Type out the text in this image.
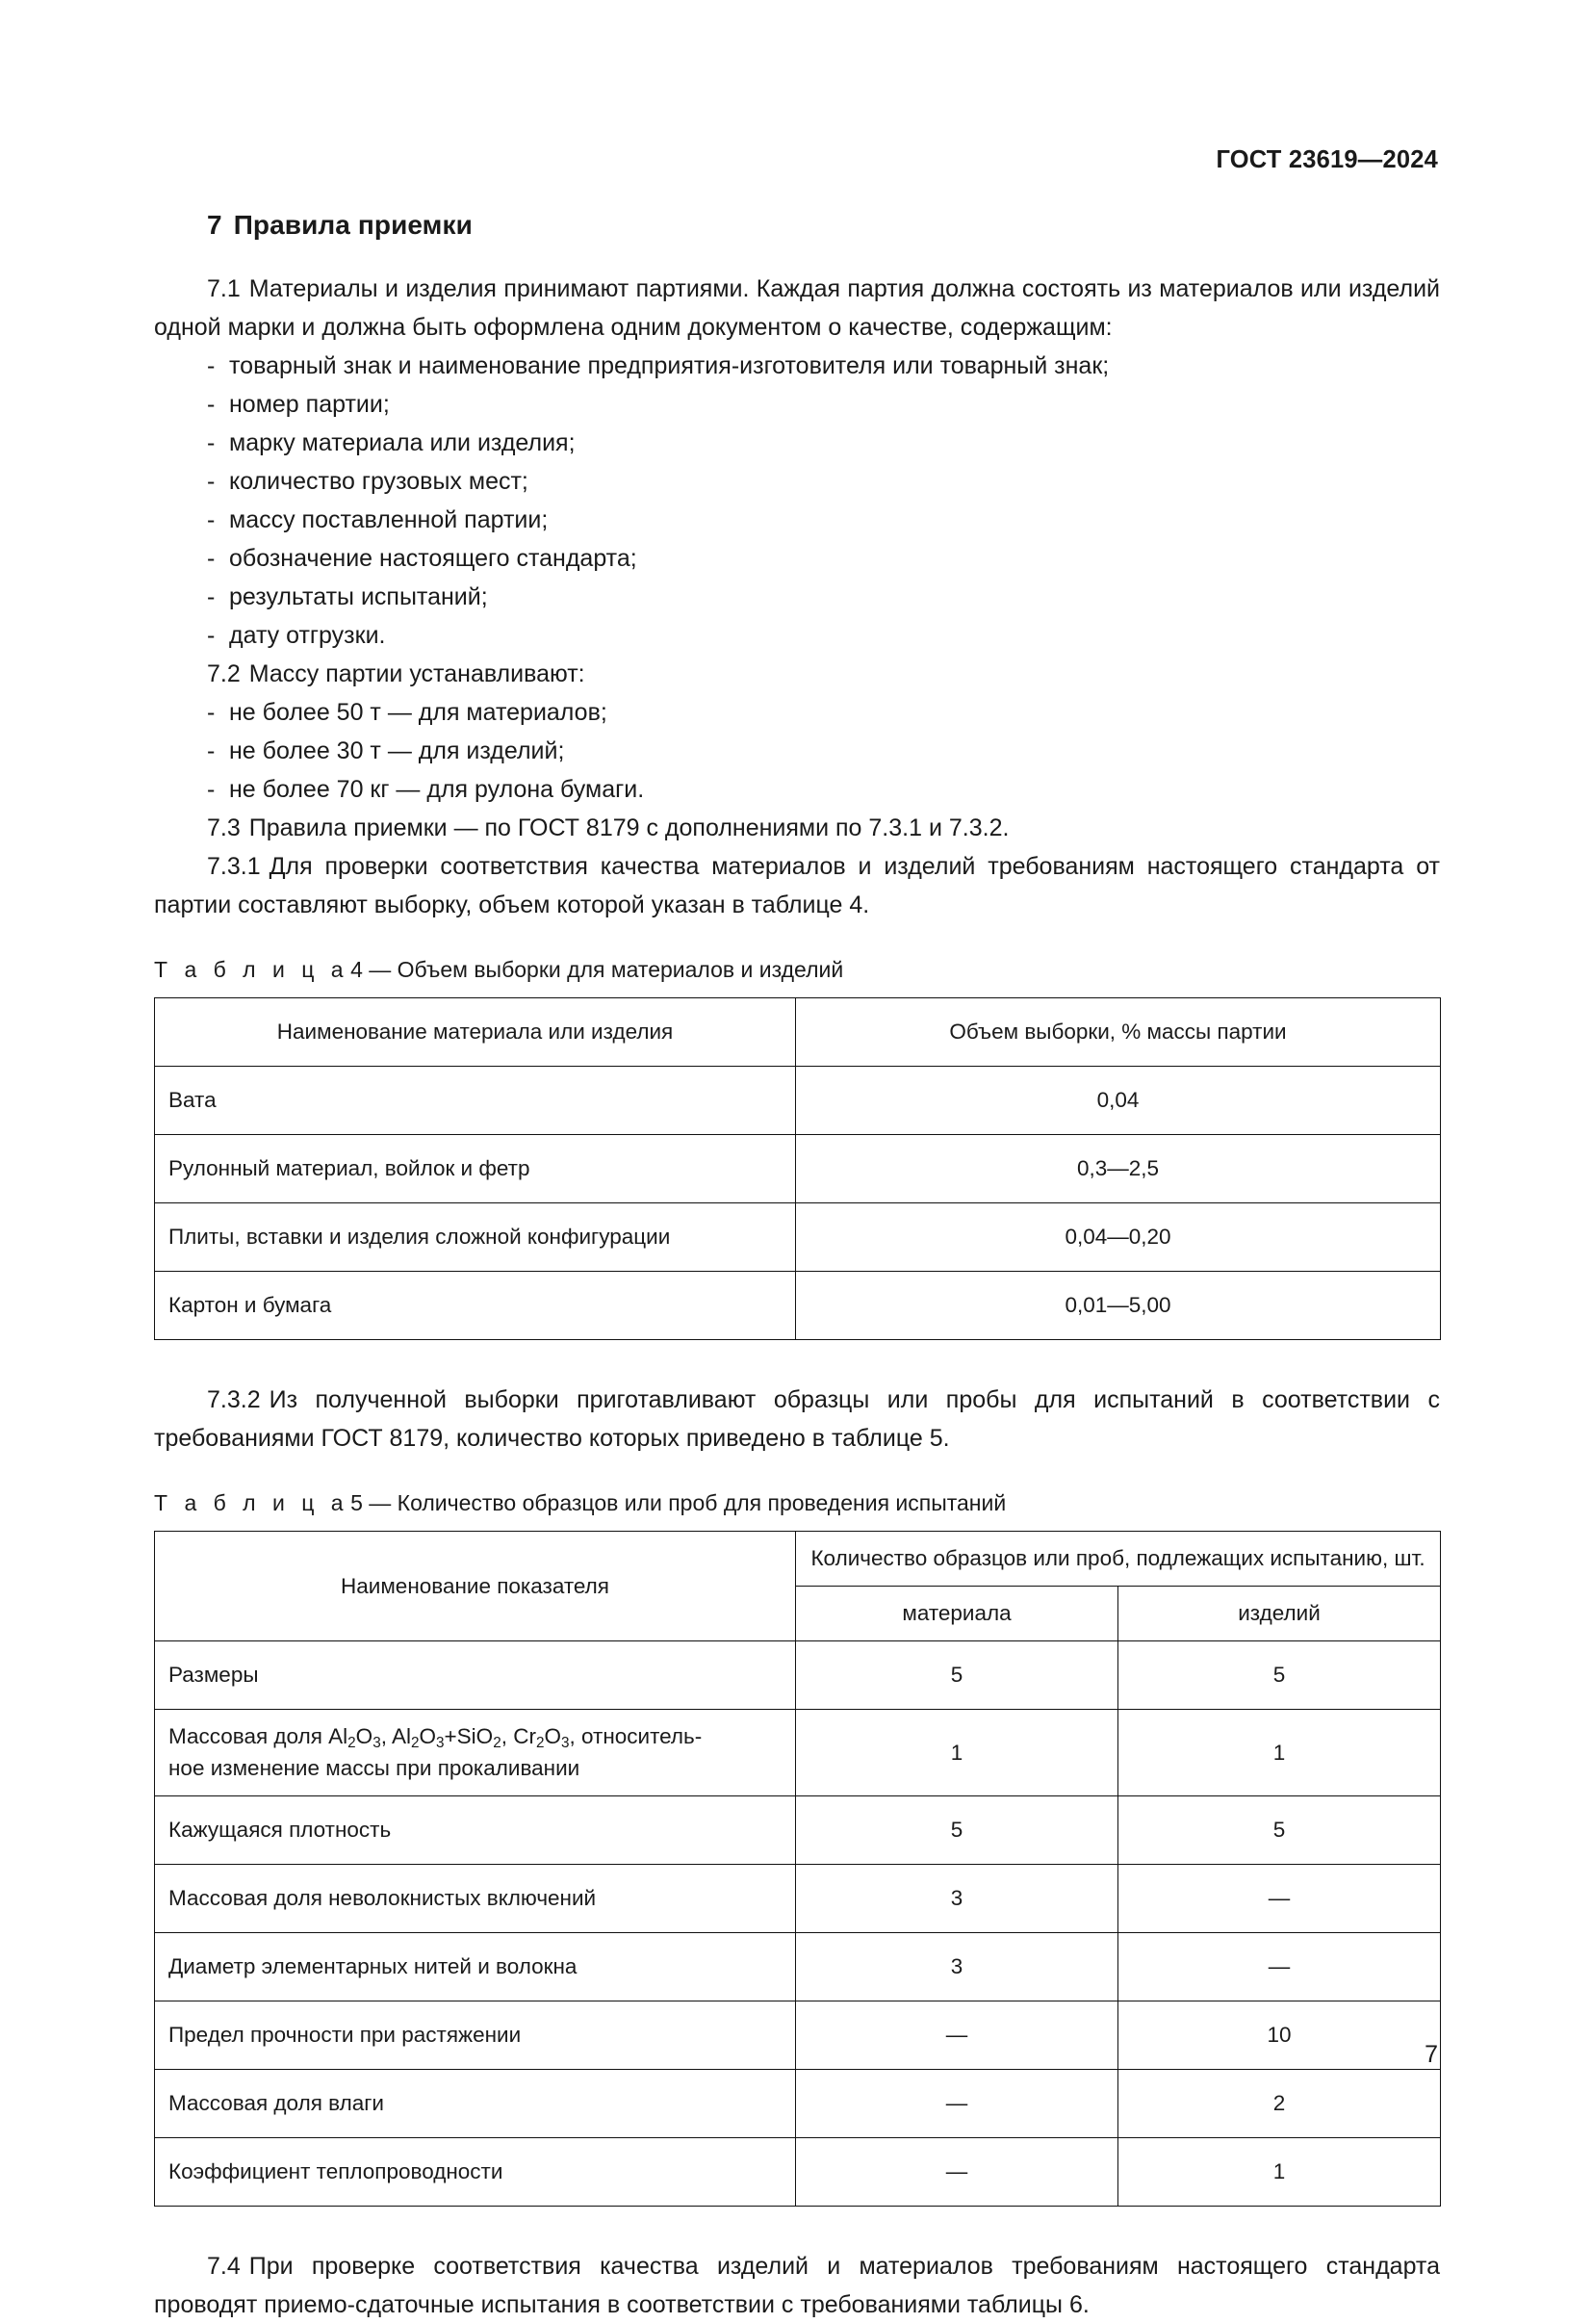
ГОСТ 23619—2024
7 Правила приемки

7.1 Материалы и изделия принимают партиями. Каждая партия должна состоять из материалов или изделий одной марки и должна быть оформлена одним документом о качестве, содержащим:

- товарный знак и наименование предприятия-изготовителя или товарный знак;
- номер партии;
- марку материала или изделия;
- количество грузовых мест;
- массу поставленной партии;
- обозначение настоящего стандарта;
- результаты испытаний;
- дату отгрузки.

7.2 Массу партии устанавливают:

- не более 50 т — для материалов;
- не более 30 т — для изделий;
- не более 70 кг — для рулона бумаги.

7.3 Правила приемки — по ГОСТ 8179 с дополнениями по 7.3.1 и 7.3.2.

7.3.1 Для проверки соответствия качества материалов и изделий требованиям настоящего стандарта от партии составляют выборку, объем которой указан в таблице 4.

Т а б л и ц а4 — Объем выборки для материалов и изделий

Наименование материала или изделия	Объем выборки, % массы партии
Вата	0,04
Рулонный материал, войлок и фетр	0,3—2,5
Плиты, вставки и изделия сложной конфигурации	0,04—0,20
Картон и бумага	0,01—5,00

7.3.2 Из полученной выборки приготавливают образцы или пробы для испытаний в соответствии с требованиями ГОСТ 8179, количество которых приведено в таблице 5.

Т а б л и ц а5 — Количество образцов или проб для проведения испытаний

Наименование показателя	Количество образцов или проб, подлежащих испытанию, шт.	
	материала	изделий
Размеры	5	5
Массовая доля $Al_2O_3$, $Al_2O_3+SiO_2$, $Cr_2O_3$, относитель-
ное изменение массы при прокаливании	1	1
Кажущаяся плотность	5	5
Массовая доля неволокнистых включений	3	—
Диаметр элементарных нитей и волокна	3	—
Предел прочности при растяжении	—	10
Массовая доля влаги	—	2
Коэффициент теплопроводности	—	1

7.4 При проверке соответствия качества изделий и материалов требованиям настоящего стандарта проводят приемо-сдаточные испытания в соответствии с требованиями таблицы 6.

7
